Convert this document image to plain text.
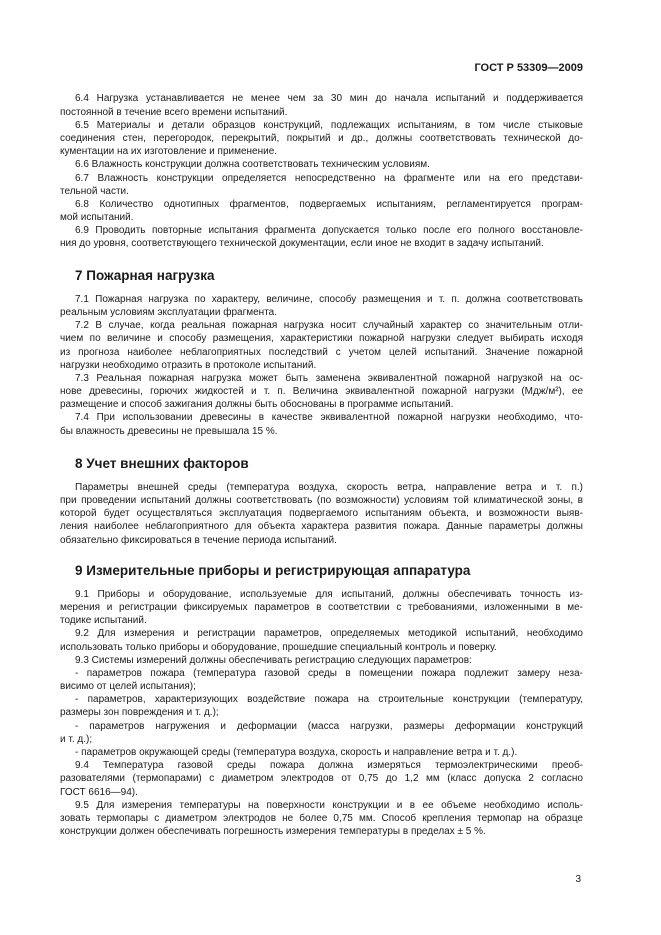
ГОСТ Р 53309—2009
6.4 Нагрузка устанавливается не менее чем за 30 мин до начала испытаний и поддерживается
постоянной в течение всего времени испытаний.
6.5 Материалы и детали образцов конструкций, подлежащих испытаниям, в том числе стыковые
соединения стен, перегородок, перекрытий, покрытий и др., должны соответствовать технической до-
кументации на их изготовление и применение.
6.6 Влажность конструкции должна соответствовать техническим условиям.
6.7 Влажность конструкции определяется непосредственно на фрагменте или на его представи-
тельной части.
6.8 Количество однотипных фрагментов, подвергаемых испытаниям, регламентируется програм-
мой испытаний.
6.9 Проводить повторные испытания фрагмента допускается только после его полного восстановле-
ния до уровня, соответствующего технической документации, если иное не входит в задачу испытаний.
7 Пожарная нагрузка
7.1 Пожарная нагрузка по характеру, величине, способу размещения и т. п. должна соответствовать
реальным условиям эксплуатации фрагмента.
7.2 В случае, когда реальная пожарная нагрузка носит случайный характер со значительным отли-
чием по величине и способу размещения, характеристики пожарной нагрузки следует выбирать исходя
из прогноза наиболее неблагоприятных последствий с учетом целей испытаний. Значение пожарной
нагрузки необходимо отразить в протоколе испытаний.
7.3 Реальная пожарная нагрузка может быть заменена эквивалентной пожарной нагрузкой на ос-
нове древесины, горючих жидкостей и т. п. Величина эквивалентной пожарной нагрузки (Мдж/м²), ее
размещение и способ зажигания должны быть обоснованы в программе испытаний.
7.4 При использовании древесины в качестве эквивалентной пожарной нагрузки необходимо, что-
бы влажность древесины не превышала 15 %.
8 Учет внешних факторов
Параметры внешней среды (температура воздуха, скорость ветра, направление ветра и т. п.)
при проведении испытаний должны соответствовать (по возможности) условиям той климатической зоны, в
которой будет осуществляться эксплуатация подвергаемого испытаниям объекта, и возможности выяв-
ления наиболее неблагоприятного для объекта характера развития пожара. Данные параметры должны
обязательно фиксироваться в течение периода испытаний.
9 Измерительные приборы и регистрирующая аппаратура
9.1 Приборы и оборудование, используемые для испытаний, должны обеспечивать точность из-
мерения и регистрации фиксируемых параметров в соответствии с требованиями, изложенными в ме-
тодике испытаний.
9.2 Для измерения и регистрации параметров, определяемых методикой испытаний, необходимо
использовать только приборы и оборудование, прошедшие специальный контроль и поверку.
9.3 Системы измерений должны обеспечивать регистрацию следующих параметров:
- параметров пожара (температура газовой среды в помещении пожара подлежит замеру неза-
висимо от целей испытания);
- параметров, характеризующих воздействие пожара на строительные конструкции (температуру,
размеры зон повреждения и т. д.);
- параметров нагружения и деформации (масса нагрузки, размеры деформации конструкций
и т. д.);
- параметров окружающей среды (температура воздуха, скорость и направление ветра и т. д.).
9.4 Температура газовой среды пожара должна измеряться термоэлектрическими преоб-
разователями (термопарами) с диаметром электродов от 0,75 до 1,2 мм (класс допуска 2 согласно
ГОСТ 6616—94).
9.5 Для измерения температуры на поверхности конструкции и в ее объеме необходимо исполь-
зовать термопары с диаметром электродов не более 0,75 мм. Способ крепления термопар на образце
конструкции должен обеспечивать погрешность измерения температуры в пределах ± 5 %.
3
